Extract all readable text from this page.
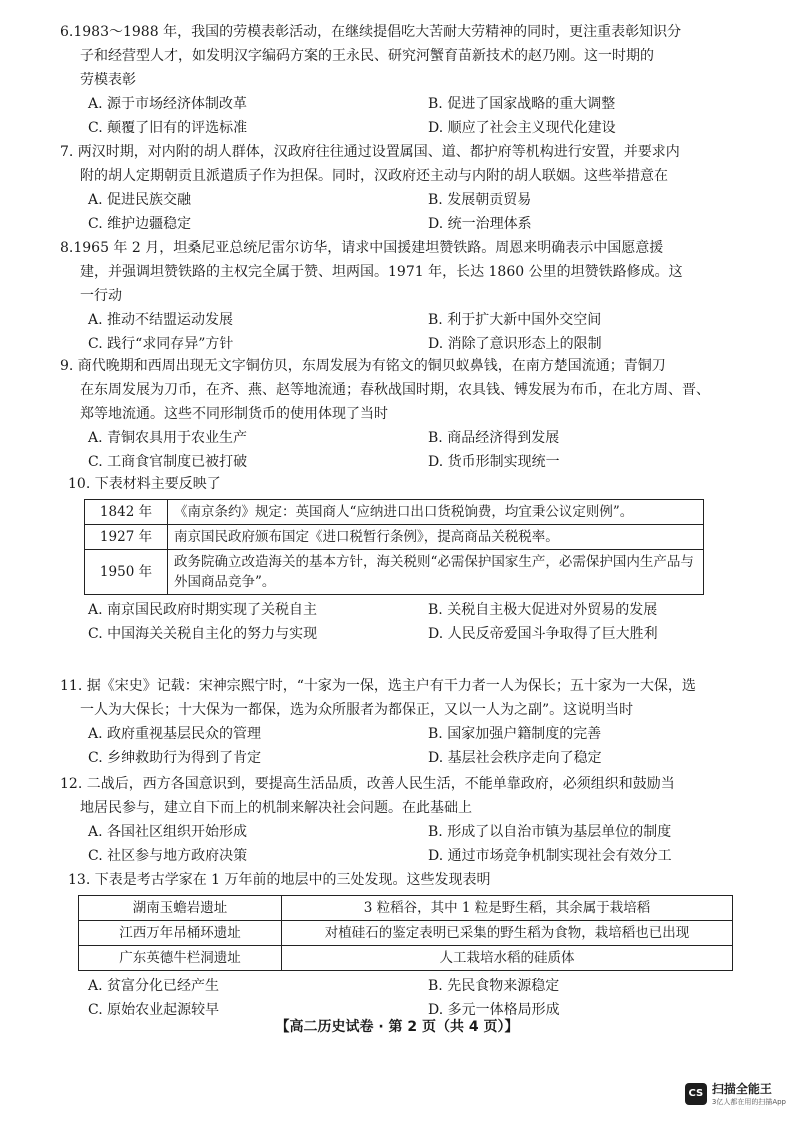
6.1983～1988 年，我国的劳模表彰活动，在继续提倡吃大苦耐大劳精神的同时，更注重表彰知识分
子和经营型人才，如发明汉字编码方案的王永民、研究河蟹育苗新技术的赵乃刚。这一时期的
劳模表彰
A. 源于市场经济体制改革	B. 促进了国家战略的重大调整
C. 颠覆了旧有的评选标准	D. 顺应了社会主义现代化建设
7. 两汉时期，对内附的胡人群体，汉政府往往通过设置属国、道、都护府等机构进行安置，并要求内
附的胡人定期朝贡且派遣质子作为担保。同时，汉政府还主动与内附的胡人联姻。这些举措意在
A. 促进民族交融	B. 发展朝贡贸易
C. 维护边疆稳定	D. 统一治理体系
8.1965 年 2 月，坦桑尼亚总统尼雷尔访华，请求中国援建坦赞铁路。周恩来明确表示中国愿意援
建，并强调坦赞铁路的主权完全属于赞、坦两国。1971 年，长达 1860 公里的坦赞铁路修成。这
一行动
A. 推动不结盟运动发展	B. 利于扩大新中国外交空间
C. 践行“求同存异”方针	D. 消除了意识形态上的限制
9. 商代晚期和西周出现无文字铜仿贝，东周发展为有铭文的铜贝蚁鼻钱，在南方楚国流通；青铜刀
在东周发展为刀币，在齐、燕、赵等地流通；春秋战国时期，农具钱、镈发展为布币，在北方周、晋、
郑等地流通。这些不同形制货币的使用体现了当时
A. 青铜农具用于农业生产	B. 商品经济得到发展
C. 工商食官制度已被打破	D. 货币形制实现统一
10. 下表材料主要反映了
1842 年	《南京条约》规定：英国商人“应纳进口出口货税饷费，均宜秉公议定则例”。
1927 年	南京国民政府颁布国定《进口税暂行条例》，提高商品关税税率。
1950 年	政务院确立改造海关的基本方针，海关税则“必需保护国家生产，必需保护国内生产品与外国商品竞争”。
A. 南京国民政府时期实现了关税自主	B. 关税自主极大促进对外贸易的发展
C. 中国海关关税自主化的努力与实现	D. 人民反帝爱国斗争取得了巨大胜利
11. 据《宋史》记载：宋神宗熙宁时，“十家为一保，选主户有干力者一人为保长；五十家为一大保，选
一人为大保长；十大保为一都保，选为众所服者为都保正，又以一人为之副”。这说明当时
A. 政府重视基层民众的管理	B. 国家加强户籍制度的完善
C. 乡绅救助行为得到了肯定	D. 基层社会秩序走向了稳定
12. 二战后，西方各国意识到，要提高生活品质，改善人民生活，不能单靠政府，必须组织和鼓励当
地居民参与，建立自下而上的机制来解决社会问题。在此基础上
A. 各国社区组织开始形成	B. 形成了以自治市镇为基层单位的制度
C. 社区参与地方政府决策	D. 通过市场竞争机制实现社会有效分工
13. 下表是考古学家在 1 万年前的地层中的三处发现。这些发现表明
湖南玉蟾岩遗址	3 粒稻谷，其中 1 粒是野生稻，其余属于栽培稻
江西万年吊桶环遗址	对植硅石的鉴定表明已采集的野生稻为食物，栽培稻也已出现
广东英德牛栏洞遗址	人工栽培水稻的硅质体
A. 贫富分化已经产生	B. 先民食物来源稳定
C. 原始农业起源较早	D. 多元一体格局形成
【高二历史试卷 · 第 2 页（共 4 页）】
CS 扫描全能王
3亿人都在用的扫描App
